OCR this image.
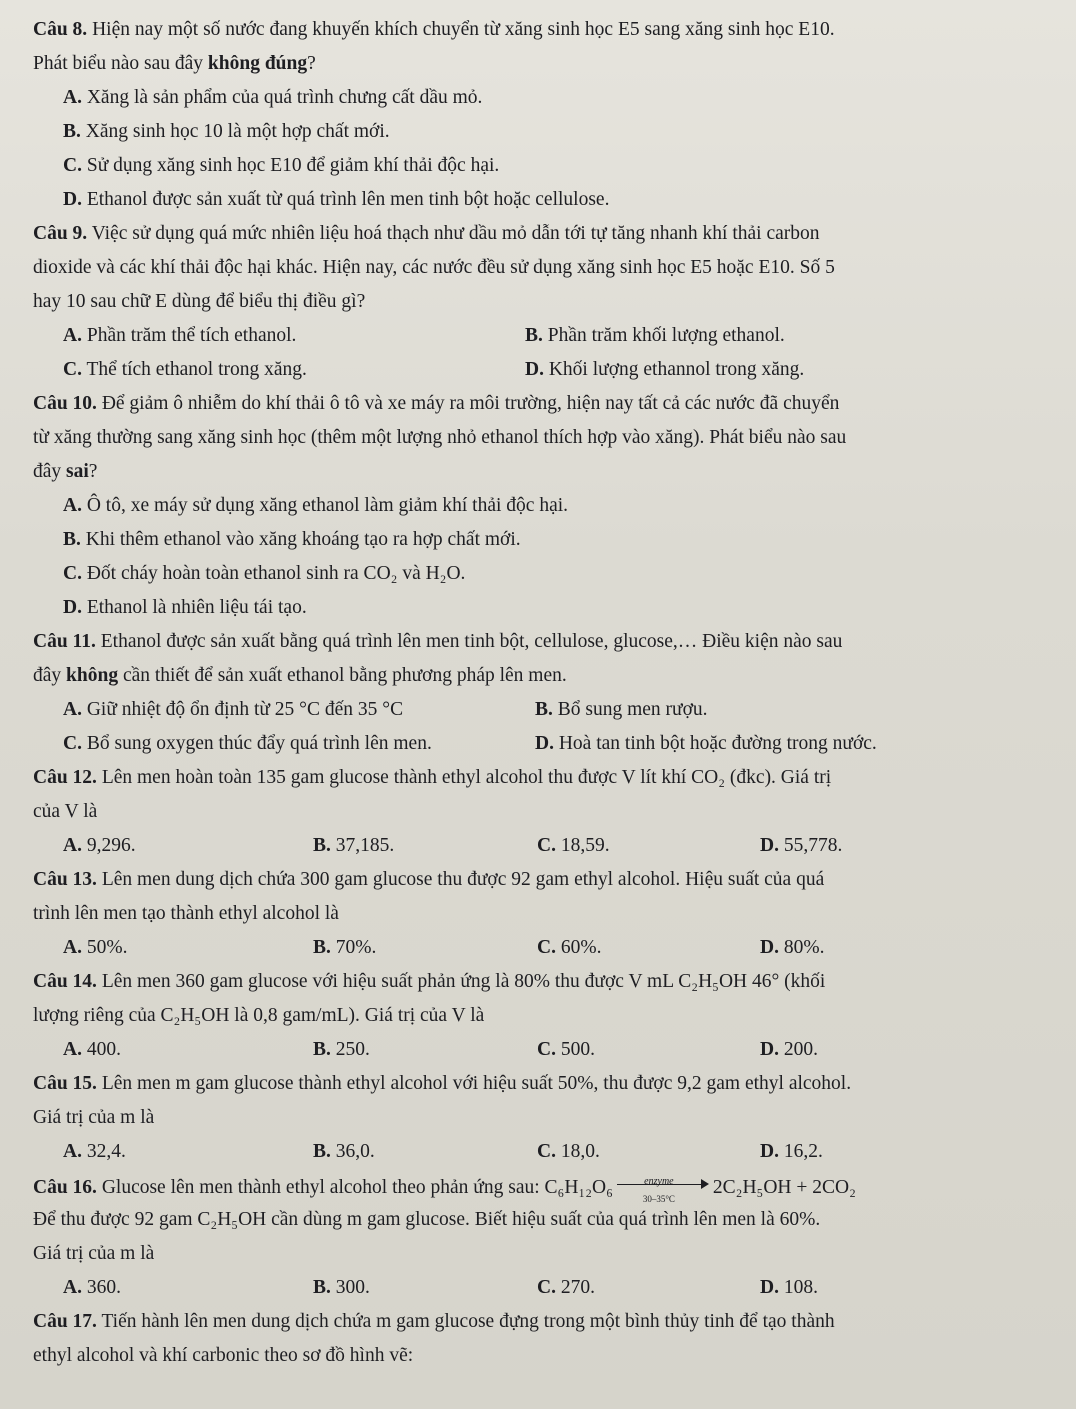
Câu 8. Hiện nay một số nước đang khuyến khích chuyển từ xăng sinh học E5 sang xăng sinh học E10.
Phát biểu nào sau đây không đúng?
A. Xăng là sản phẩm của quá trình chưng cất dầu mỏ.
B. Xăng sinh học 10 là một hợp chất mới.
C. Sử dụng xăng sinh học E10 để giảm khí thải độc hại.
D. Ethanol được sản xuất từ quá trình lên men tinh bột hoặc cellulose.
Câu 9. Việc sử dụng quá mức nhiên liệu hoá thạch như dầu mỏ dẫn tới tự tăng nhanh khí thải carbon
dioxide và các khí thải độc hại khác. Hiện nay, các nước đều sử dụng xăng sinh học E5 hoặc E10. Số 5
hay 10 sau chữ E dùng để biểu thị điều gì?
A. Phần trăm thể tích ethanol.	B. Phần trăm khối lượng ethanol.
C. Thể tích ethanol trong xăng.	D. Khối lượng ethannol trong xăng.
Câu 10. Để giảm ô nhiễm do khí thải ô tô và xe máy ra môi trường, hiện nay tất cả các nước đã chuyển
từ xăng thường sang xăng sinh học (thêm một lượng nhỏ ethanol thích hợp vào xăng). Phát biểu nào sau
đây sai?
A. Ô tô, xe máy sử dụng xăng ethanol làm giảm khí thải độc hại.
B. Khi thêm ethanol vào xăng khoáng tạo ra hợp chất mới.
C. Đốt cháy hoàn toàn ethanol sinh ra CO₂ và H₂O.
D. Ethanol là nhiên liệu tái tạo.
Câu 11. Ethanol được sản xuất bằng quá trình lên men tinh bột, cellulose, glucose,… Điều kiện nào sau
đây không cần thiết để sản xuất ethanol bằng phương pháp lên men.
A. Giữ nhiệt độ ổn định từ 25 °C đến 35 °C	B. Bổ sung men rượu.
C. Bổ sung oxygen thúc đẩy quá trình lên men.	D. Hoà tan tinh bột hoặc đường trong nước.
Câu 12. Lên men hoàn toàn 135 gam glucose thành ethyl alcohol thu được V lít khí CO₂ (đkc). Giá trị
của V là
A. 9,296.	B. 37,185.	C. 18,59.	D. 55,778.
Câu 13. Lên men dung dịch chứa 300 gam glucose thu được 92 gam ethyl alcohol. Hiệu suất của quá
trình lên men tạo thành ethyl alcohol là
A. 50%.	B. 70%.	C. 60%.	D. 80%.
Câu 14. Lên men 360 gam glucose với hiệu suất phản ứng là 80% thu được V mL C₂H₅OH 46° (khối
lượng riêng của C₂H₅OH là 0,8 gam/mL). Giá trị của V là
A. 400.	B. 250.	C. 500.	D. 200.
Câu 15. Lên men m gam glucose thành ethyl alcohol với hiệu suất 50%, thu được 9,2 gam ethyl alcohol.
Giá trị của m là
A. 32,4.	B. 36,0.	C. 18,0.	D. 16,2.
Câu 16. Glucose lên men thành ethyl alcohol theo phản ứng sau: C₆H₁₂O₆	enzyme
30–35°C
2C₂H₅OH + 2CO₂
Để thu được 92 gam C₂H₅OH cần dùng m gam glucose. Biết hiệu suất của quá trình lên men là 60%.
Giá trị của m là
A. 360.	B. 300.	C. 270.	D. 108.
Câu 17. Tiến hành lên men dung dịch chứa m gam glucose đựng trong một bình thủy tinh để tạo thành
ethyl alcohol và khí carbonic theo sơ đồ hình vẽ:
